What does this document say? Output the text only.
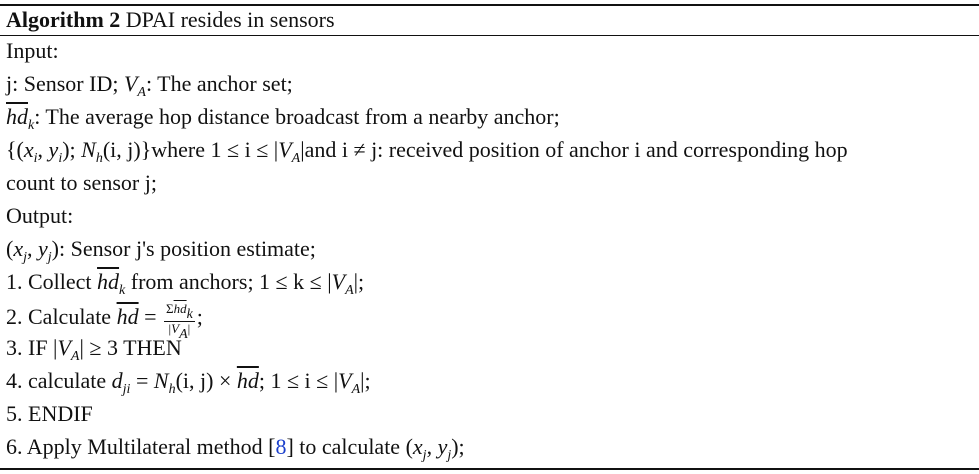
Algorithm 2 DPAI resides in sensors
Input:
j: Sensor ID; $V_A$: The anchor set;
$\overline{hd}_k$: The average hop distance broadcast from a nearby anchor;
{($x_i$, $y_i$); $N_h(i$, j)}where $1 \le i \le |V_A|and$ i ≠ j: received position of anchor i and corresponding hop
count to sensor j;
Output:
($x_j$, $y_j$): Sensor j's position estimate;
1. Collect $\overline{hd}_k$ from anchors; $1 \le k \le |V_A|$;
2. Calculate $\overline{hd} = \frac{\Sigma\overline{hd}k}{|VA|}$ ;
3. IF $|V_A| \ge 3$ THEN
4. calculate $d_{ji} = N_h(i$, $j) \times \overline{hd}$; $1 \le i \le |V_A|$;
5. ENDIF
6. Apply Multilateral method [8] to calculate ($x_j$, $y_j$);
